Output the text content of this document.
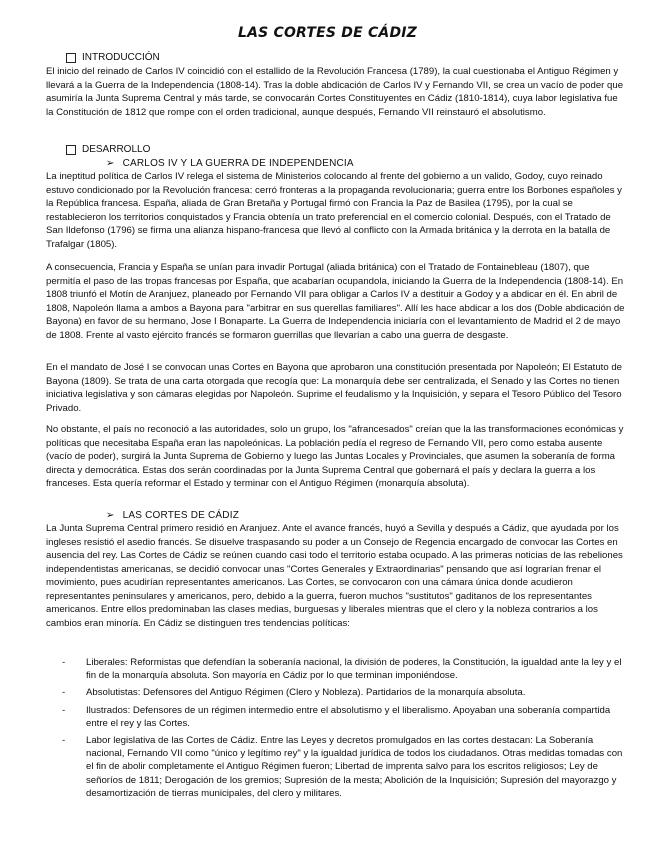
LAS CORTES DE CÁDIZ
INTRODUCCIÓN
El inicio del reinado de Carlos IV coincidió con el estallido de la Revolución Francesa (1789), la cual cuestionaba el Antiguo Régimen y llevará a la Guerra de la Independencia (1808-14). Tras la doble abdicación de Carlos IV y Fernando VII, se crea un vacío de poder que asumiría la Junta Suprema Central y más tarde, se convocarán Cortes Constituyentes en Cádiz (1810-1814), cuya labor legislativa fue la Constitución de 1812 que rompe con el orden tradicional, aunque después, Fernando VII reinstauró el absolutismo.
DESARROLLO
➢ CARLOS IV Y LA GUERRA DE INDEPENDENCIA
La ineptitud política de Carlos IV relega el sistema de Ministerios colocando al frente del gobierno a un valido, Godoy, cuyo reinado estuvo condicionado por la Revolución francesa: cerró fronteras a la propaganda revolucionaria; guerra entre los Borbones españoles y la República francesa. España, aliada de Gran Bretaña y Portugal firmó con Francia la Paz de Basilea (1795), por la cual se restablecieron los territorios conquistados y Francia obtenía un trato preferencial en el comercio colonial. Después, con el Tratado de San Ildefonso (1796) se firma una alianza hispano-francesa que llevó al conflicto con la Armada británica y la derrota en la batalla de Trafalgar (1805).
A consecuencia, Francia y España se unían para invadir Portugal (aliada británica) con el Tratado de Fontainebleau (1807), que permitía el paso de las tropas francesas por España, que acabarían ocupandola, iniciando la Guerra de la Independencia (1808-14). En 1808 triunfó el Motín de Aranjuez, planeado por Fernando VII para obligar a Carlos IV a destituir a Godoy y a abdicar en él. En abril de 1808, Napoleón llama a ambos a Bayona para "arbitrar en sus querellas familiares". Allí les hace abdicar a los dos (Doble abdicación de Bayona) en favor de su hermano, Jose I Bonaparte. La Guerra de Independencia iniciaría con el levantamiento de Madrid el 2 de mayo de 1808. Frente al vasto ejército francés se formaron guerrillas que llevarían a cabo una guerra de desgaste.
En el mandato de José I se convocan unas Cortes en Bayona que aprobaron una constitución presentada por Napoleón; El Estatuto de Bayona (1809). Se trata de una carta otorgada que recogía que: La monarquía debe ser centralizada, el Senado y las Cortes no tienen iniciativa legislativa y son cámaras elegidas por Napoleón. Suprime el feudalismo y la Inquisición, y separa el Tesoro Público del Tesoro Privado.
No obstante, el país no reconoció a las autoridades, solo un grupo, los "afrancesados" creían que la las transformaciones económicas y políticas que necesitaba España eran las napoleónicas. La población pedía el regreso de Fernando VII, pero como estaba ausente (vacío de poder), surgirá la Junta Suprema de Gobierno y luego las Juntas Locales y Provinciales, que asumen la soberanía de forma directa y democrática. Estas dos serán coordinadas por la Junta Suprema Central que gobernará el país y declara la guerra a los franceses. Esta quería reformar el Estado y terminar con el Antiguo Régimen (monarquía absoluta).
➢ LAS CORTES DE CÁDIZ
La Junta Suprema Central primero residió en Aranjuez. Ante el avance francés, huyó a Sevilla y después a Cádiz, que ayudada por los ingleses resistió el asedio francés. Se disuelve traspasando su poder a un Consejo de Regencia encargado de convocar las Cortes en ausencia del rey. Las Cortes de Cádiz se reúnen cuando casi todo el territorio estaba ocupado. A las primeras noticias de las rebeliones independentistas americanas, se decidió convocar unas "Cortes Generales y Extraordinarias" pensando que así lograrían frenar el movimiento, pues acudirían representantes americanos. Las Cortes, se convocaron con una cámara única donde acudieron representantes peninsulares y americanos, pero, debido a la guerra, fueron muchos "sustitutos" gaditanos de los representantes americanos. Entre ellos predominaban las clases medias, burguesas y liberales mientras que el clero y la nobleza contrarios a los cambios eran minoría. En Cádiz se distinguen tres tendencias políticas:
- Liberales: Reformistas que defendían la soberanía nacional, la división de poderes, la Constitución, la igualdad ante la ley y el fin de la monarquía absoluta. Son mayoría en Cádiz por lo que terminan imponiéndose.
- Absolutistas: Defensores del Antiguo Régimen (Clero y Nobleza). Partidarios de la monarquía absoluta.
- Ilustrados: Defensores de un régimen intermedio entre el absolutismo y el liberalismo. Apoyaban una soberanía compartida entre el rey y las Cortes.
- Labor legislativa de las Cortes de Cádiz. Entre las Leyes y decretos promulgados en las cortes destacan: La Soberanía nacional, Fernando VII como "único y legítimo rey" y la igualdad jurídica de todos los ciudadanos. Otras medidas tomadas con el fin de abolir completamente el Antiguo Régimen fueron; Libertad de imprenta salvo para los escritos religiosos; Ley de señoríos de 1811; Derogación de los gremios; Supresión de la mesta; Abolición de la Inquisición; Supresión del mayorazgo y desamortización de tierras municipales, del clero y militares.
